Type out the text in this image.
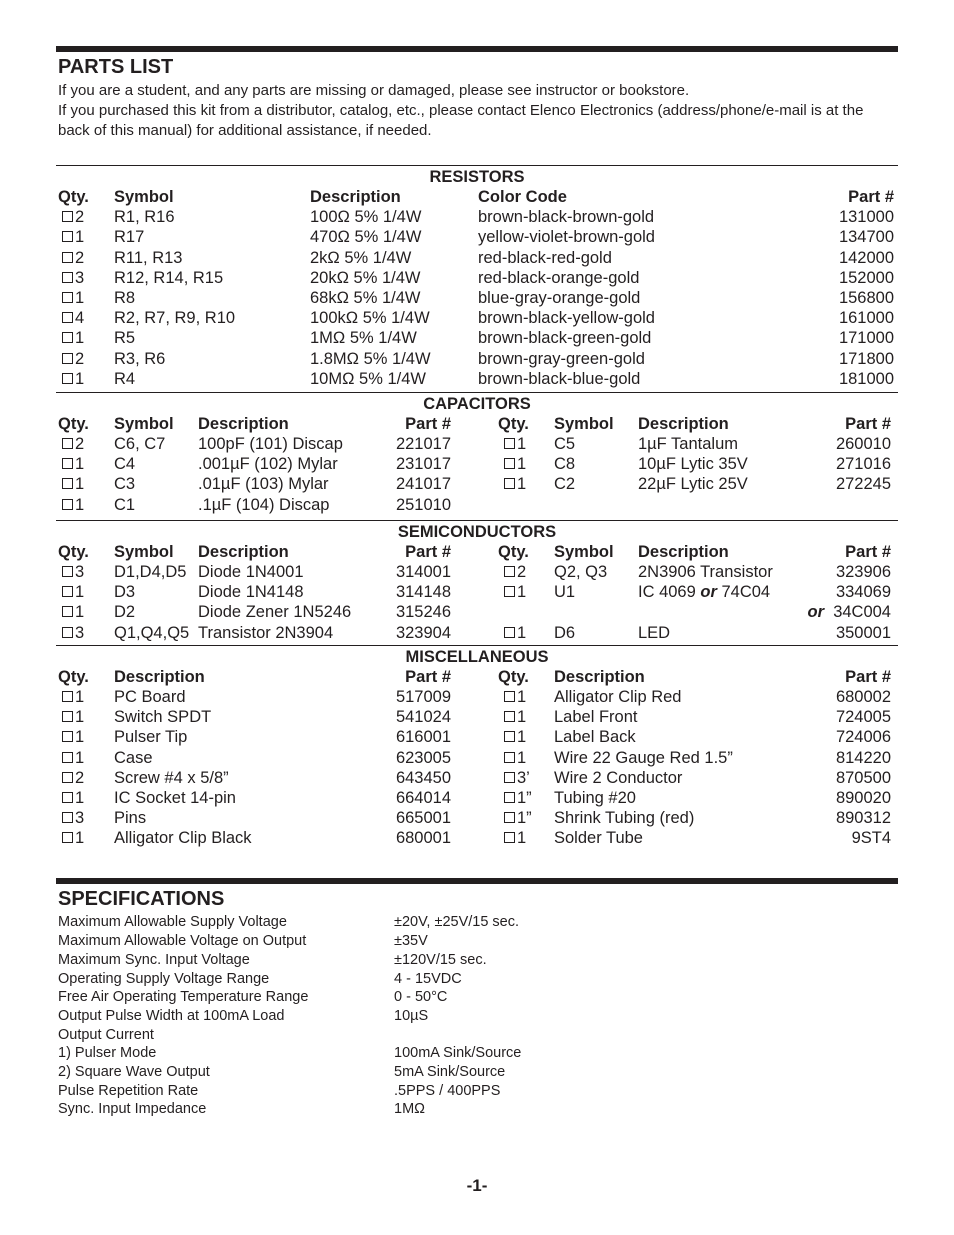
PARTS LIST
If you are a student, and any parts are missing or damaged, please see instructor or bookstore.
If you purchased this kit from a distributor, catalog, etc., please contact Elenco Electronics (address/phone/e-mail is at the back of this manual) for additional assistance, if needed.
RESISTORS
Qty. Symbol	Description	Color Code	Part #
2 R1, R16	100Ω 5% 1/4W	brown-black-brown-gold	131000
1 R17	470Ω 5% 1/4W	yellow-violet-brown-gold	134700
2 R11, R13	2kΩ 5% 1/4W	red-black-red-gold	142000
3 R12, R14, R15	20kΩ 5% 1/4W	red-black-orange-gold	152000
1 R8	68kΩ 5% 1/4W	blue-gray-orange-gold	156800
4 R2, R7, R9, R10	100kΩ 5% 1/4W	brown-black-yellow-gold	161000
1 R5	1MΩ 5% 1/4W	brown-black-green-gold	171000
2 R3, R6	1.8MΩ 5% 1/4W	brown-gray-green-gold	171800
1 R4	10MΩ 5% 1/4W	brown-black-blue-gold	181000
CAPACITORS
Qty. Symbol Description	Part #	Qty. Symbol Description	Part #
2 C6, C7 100pF (101) Discap	221017	1 C5	1µF Tantalum	260010
1 C4	.001µF (102) Mylar	231017	1 C8	10µF Lytic 35V	271016
1 C3	.01µF (103) Mylar	241017	1 C2	22µF Lytic 25V	272245
1 C1	.1µF (104) Discap	251010
SEMICONDUCTORS
Qty. Symbol Description	Part #	Qty. Symbol Description	Part #
3 D1,D4,D5 Diode 1N4001	314001	2 Q2, Q3 2N3906 Transistor	323906
1 D3	Diode 1N4148	314148	1 U1	IC 4069 or 74C04	334069
1 D2	Diode Zener 1N5246	315246	or 34C004
3 Q1,Q4,Q5 Transistor 2N3904	323904	1 D6	LED	350001
MISCELLANEOUS
Qty. Description	Part #	Qty. Description	Part #
1 PC Board	517009	1 Alligator Clip Red	680002
1 Switch SPDT	541024	1 Label Front	724005
1 Pulser Tip	616001	1 Label Back	724006
1 Case	623005	1 Wire 22 Gauge Red 1.5”	814220
2 Screw #4 x 5/8”	643450	3’ Wire 2 Conductor	870500
1 IC Socket 14-pin	664014	1” Tubing #20	890020
3 Pins	665001	1” Shrink Tubing (red)	890312
1 Alligator Clip Black	680001	1 Solder Tube	9ST4
SPECIFICATIONS
Maximum Allowable Supply Voltage	±20V, ±25V/15 sec.
Maximum Allowable Voltage on Output	±35V
Maximum Sync. Input Voltage	±120V/15 sec.
Operating Supply Voltage Range	4 - 15VDC
Free Air Operating Temperature Range	0 - 50°C
Output Pulse Width at 100mA Load	10µS
Output Current
1) Pulser Mode	100mA Sink/Source
2) Square Wave Output	5mA Sink/Source
Pulse Repetition Rate	.5PPS / 400PPS
Sync. Input Impedance	1MΩ
-1-
